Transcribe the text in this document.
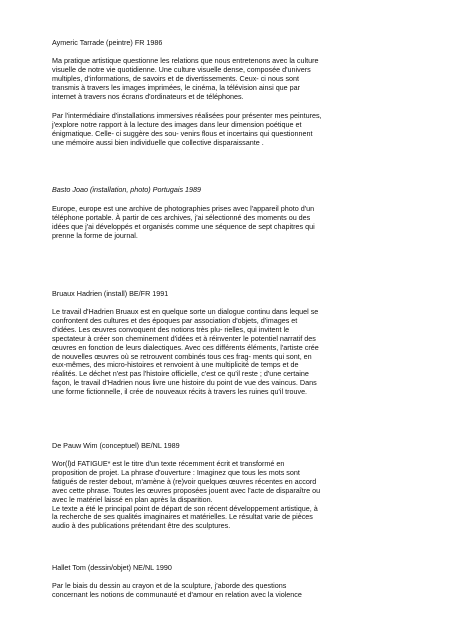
Aymeric Tarrade (peintre) FR 1986
Ma pratique artistique questionne les relations que nous entretenons avec la culture
visuelle de notre vie quotidienne. Une culture visuelle dense, composée d'univers
multiples, d'informations, de savoirs et de divertissements. Ceux- ci nous sont
transmis à travers les images imprimées, le cinéma, la télévision ainsi que par
internet à travers nos écrans d'ordinateurs et de téléphones.
Par l'intermédiaire d'installations immersives réalisées pour présenter mes peintures,
j'explore notre rapport à la lecture des images dans leur dimension poétique et
énigmatique. Celle- ci suggère des sou- venirs flous et incertains qui questionnent
une mémoire aussi bien individuelle que collective disparaissante .
Basto Joao (installation, photo) Portugais 1989
Europe, europe est une archive de photographies prises avec l'appareil photo d'un
téléphone portable. À partir de ces archives, j'ai sélectionné des moments ou des
idées que j'ai développés et organisés comme une séquence de sept chapitres qui
prenne la forme de journal.
Bruaux Hadrien (install) BE/FR 1991
Le travail d'Hadrien Bruaux est en quelque sorte un dialogue continu dans lequel se
confrontent des cultures et des époques par association d'objets, d'images et
d'idées. Les œuvres convoquent des notions très plu- rielles, qui invitent le
spectateur à créer son cheminement d'idées et à réinventer le potentiel narratif des
œuvres en fonction de leurs dialectiques. Avec ces différents éléments, l'artiste crée
de nouvelles œuvres où se retrouvent combinés tous ces frag- ments qui sont, en
eux-mêmes, des micro-histoires et renvoient à une multiplicité de temps et de
réalités. Le déchet n'est pas l'histoire officielle, c'est ce qu'il reste ; d'une certaine
façon, le travail d'Hadrien nous livre une histoire du point de vue des vaincus. Dans
une forme fictionnelle, il crée de nouveaux récits à travers les ruines qu'il trouve.
De Pauw Wim (conceptuel) BE/NL 1989
Wor(l)d FATIGUE* est le titre d'un texte récemment écrit et transformé en
proposition de projet. La phrase d'ouverture : Imaginez que tous les mots sont
fatigués de rester debout, m'amène à (re)voir quelques œuvres récentes en accord
avec cette phrase. Toutes les œuvres proposées jouent avec l'acte de disparaître ou
avec le matériel laissé en plan après la disparition.
Le texte a été le principal point de départ de son récent développement artistique, à
la recherche de ses qualités imaginaires et matérielles. Le résultat varie de pièces
audio à des publications prétendant être des sculptures.
Hallet Tom (dessin/objet) NE/NL 1990
Par le biais du dessin au crayon et de la sculpture, j'aborde des questions
concernant les notions de communauté et d'amour en relation avec la violence
